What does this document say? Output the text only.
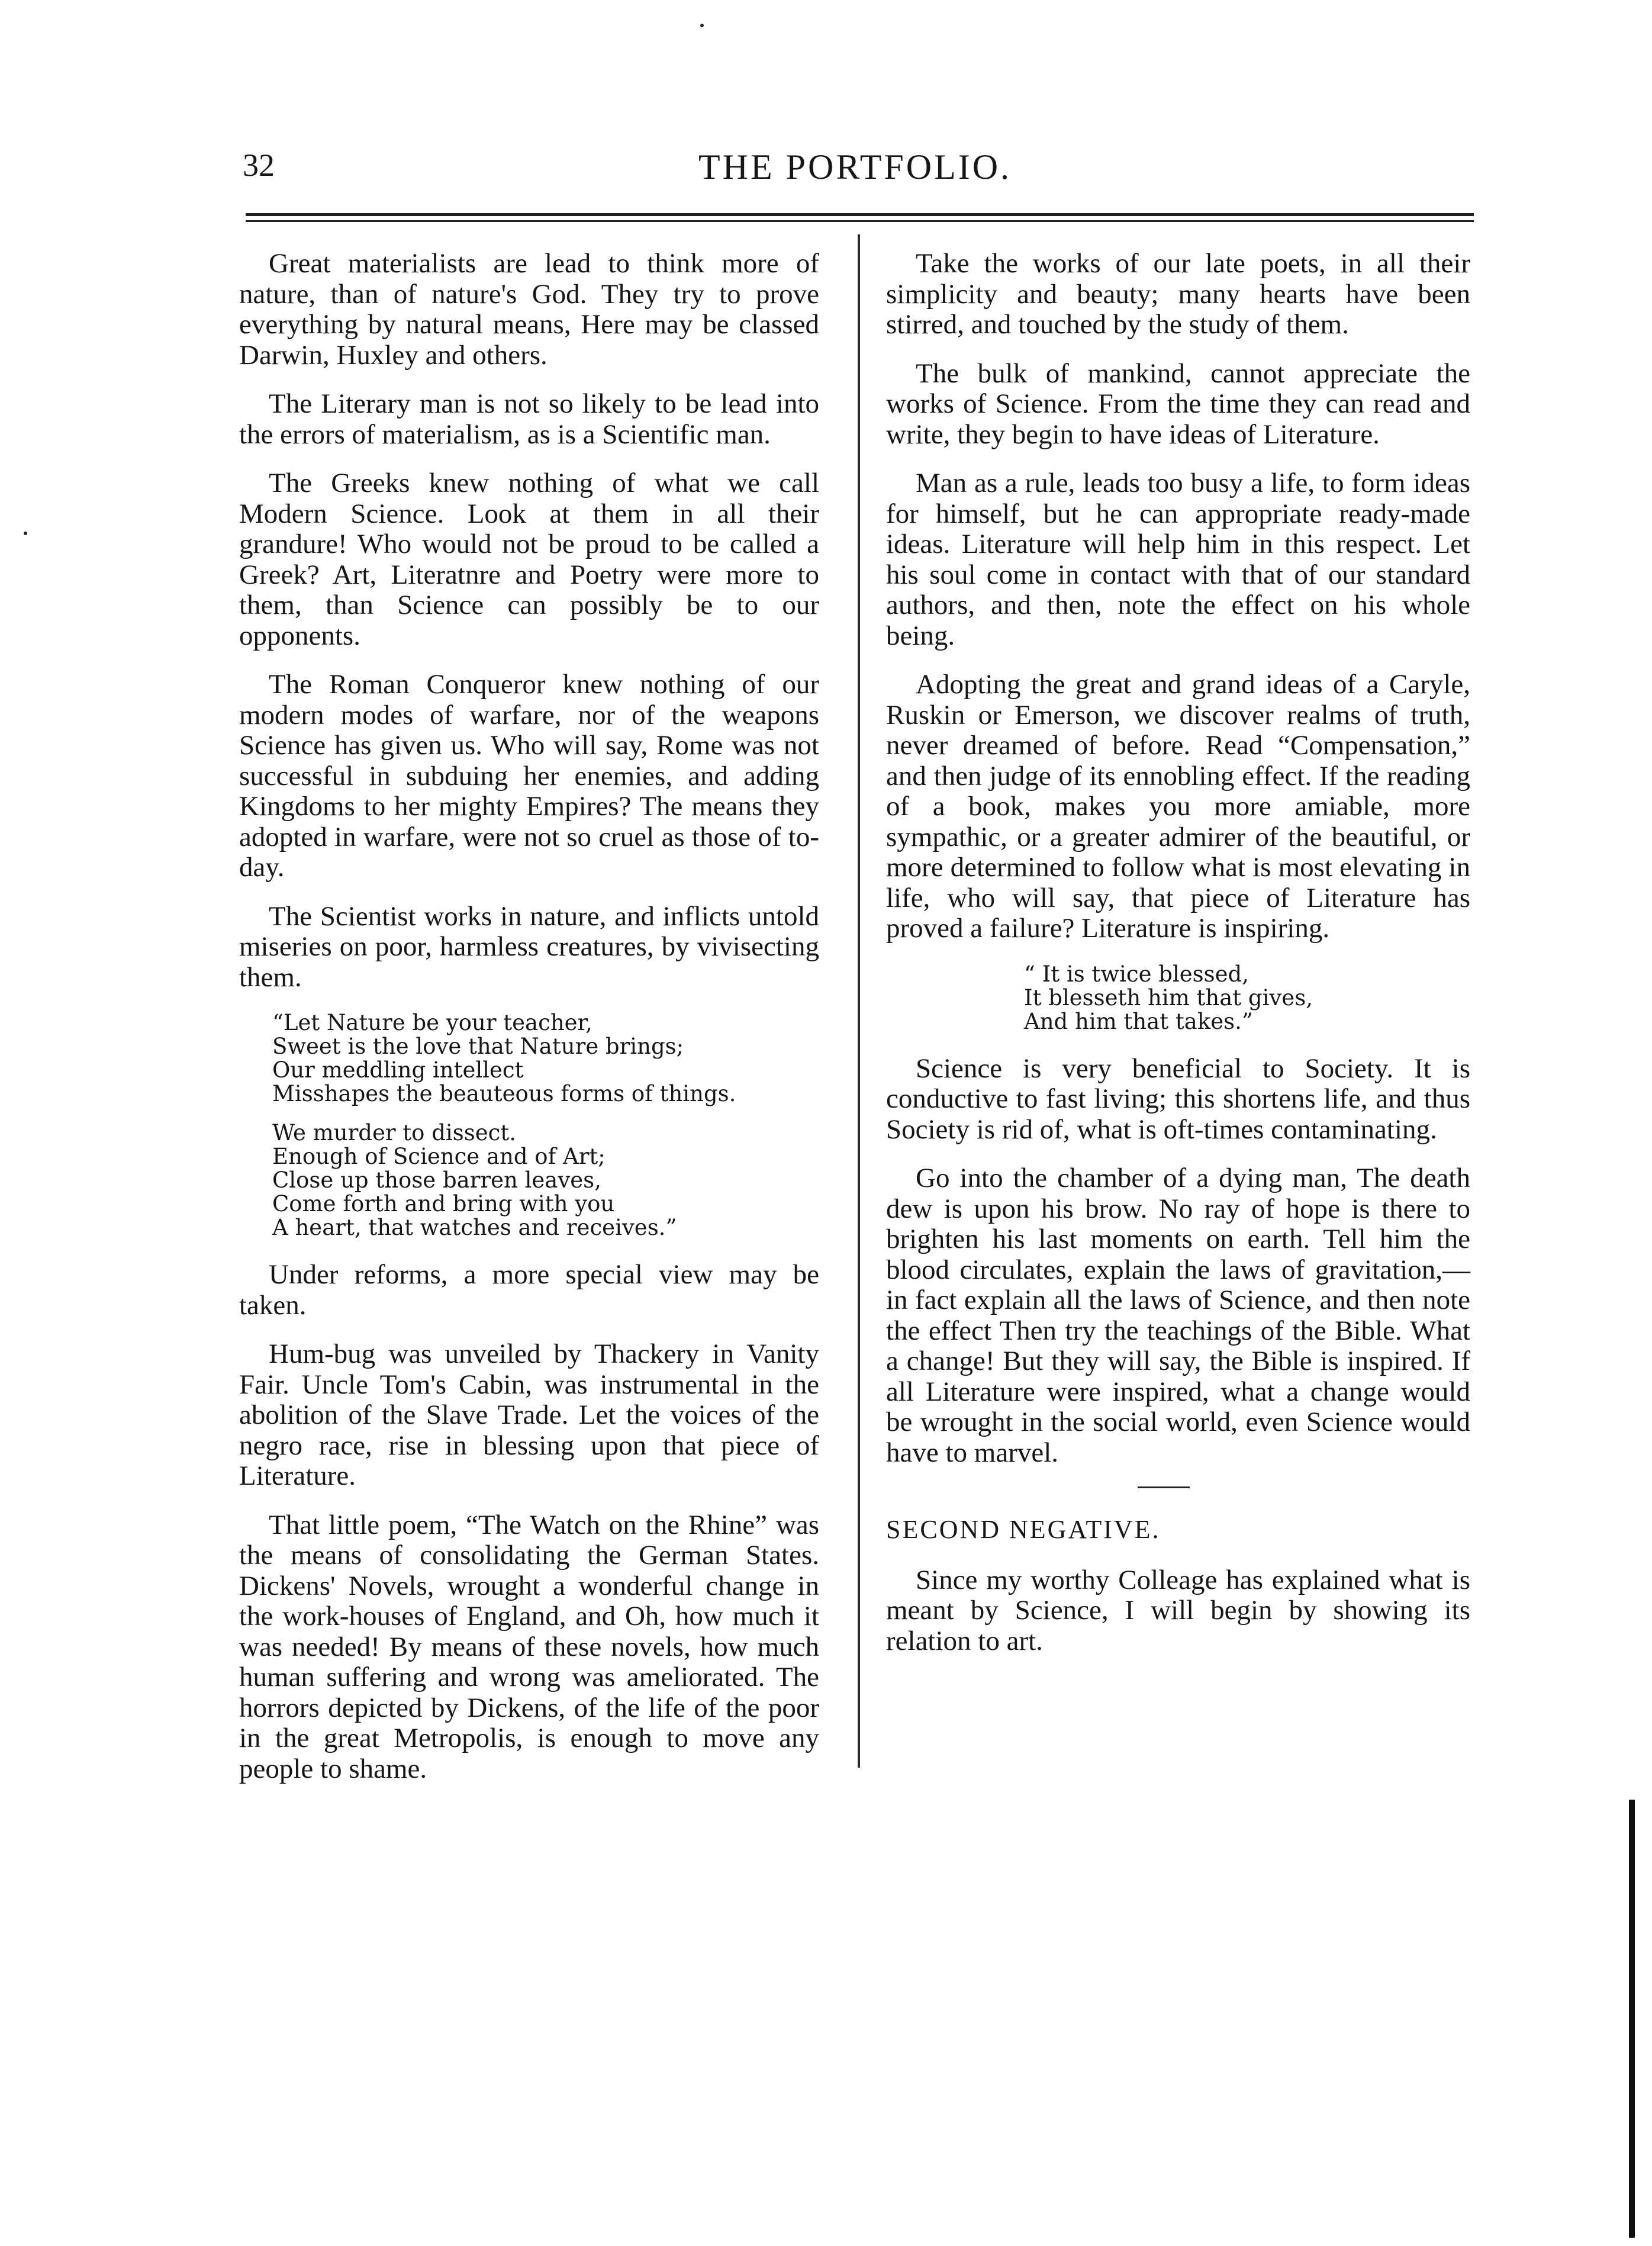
32	THE PORTFOLIO.

Great materialists are lead to think more of nature, than of nature's God. They try to prove everything by natural means, Here may be classed Darwin, Huxley and others.

The Literary man is not so likely to be lead into the errors of materialism, as is a Scientific man.

The Greeks knew nothing of what we call Modern Science. Look at them in all their grandure! Who would not be proud to be called a Greek? Art, Literatnre and Poetry were more to them, than Science can possibly be to our opponents.

The Roman Conqueror knew nothing of our modern modes of warfare, nor of the weapons Science has given us. Who will say, Rome was not successful in subduing her enemies, and adding Kingdoms to her mighty Empires? The means they adopted in warfare, were not so cruel as those of to-day.

The Scientist works in nature, and inflicts untold miseries on poor, harmless creatures, by vivisecting them.

“Let Nature be your teacher,
Sweet is the love that Nature brings;
Our meddling intellect
Misshapes the beauteous forms of things.
We murder to dissect.
Enough of Science and of Art;
Close up those barren leaves,
Come forth and bring with you
A heart, that watches and receives.”

Under reforms, a more special view may be taken.

Hum-bug was unveiled by Thackery in Vanity Fair. Uncle Tom's Cabin, was instrumental in the abolition of the Slave Trade. Let the voices of the negro race, rise in blessing upon that piece of Literature.

That little poem, “The Watch on the Rhine” was the means of consolidating the German States. Dickens' Novels, wrought a wonderful change in the work-houses of England, and Oh, how much it was needed! By means of these novels, how much human suffering and wrong was ameliorated. The horrors depicted by Dickens, of the life of the poor in the great Metropolis, is enough to move any people to shame.

Take the works of our late poets, in all their simplicity and beauty; many hearts have been stirred, and touched by the study of them.

The bulk of mankind, cannot appreciate the works of Science. From the time they can read and write, they begin to have ideas of Literature.

Man as a rule, leads too busy a life, to form ideas for himself, but he can appropriate ready-made ideas. Literature will help him in this respect. Let his soul come in contact with that of our standard authors, and then, note the effect on his whole being.

Adopting the great and grand ideas of a Caryle, Ruskin or Emerson, we discover realms of truth, never dreamed of before. Read “Compensation,” and then judge of its ennobling effect. If the reading of a book, makes you more amiable, more sympathic, or a greater admirer of the beautiful, or more determined to follow what is most elevating in life, who will say, that piece of Literature has proved a failure? Literature is inspiring.

“ It is twice blessed,
It blesseth him that gives,
And him that takes.”

Science is very beneficial to Society. It is conductive to fast living; this shortens life, and thus Society is rid of, what is oft-times contaminating.

Go into the chamber of a dying man, The death dew is upon his brow. No ray of hope is there to brighten his last moments on earth. Tell him the blood circulates, explain the laws of gravitation,—in fact explain all the laws of Science, and then note the effect Then try the teachings of the Bible. What a change! But they will say, the Bible is inspired. If all Literature were inspired, what a change would be wrought in the social world, even Science would have to marvel.

SECOND NEGATIVE.

Since my worthy Colleage has explained what is meant by Science, I will begin by showing its relation to art.
